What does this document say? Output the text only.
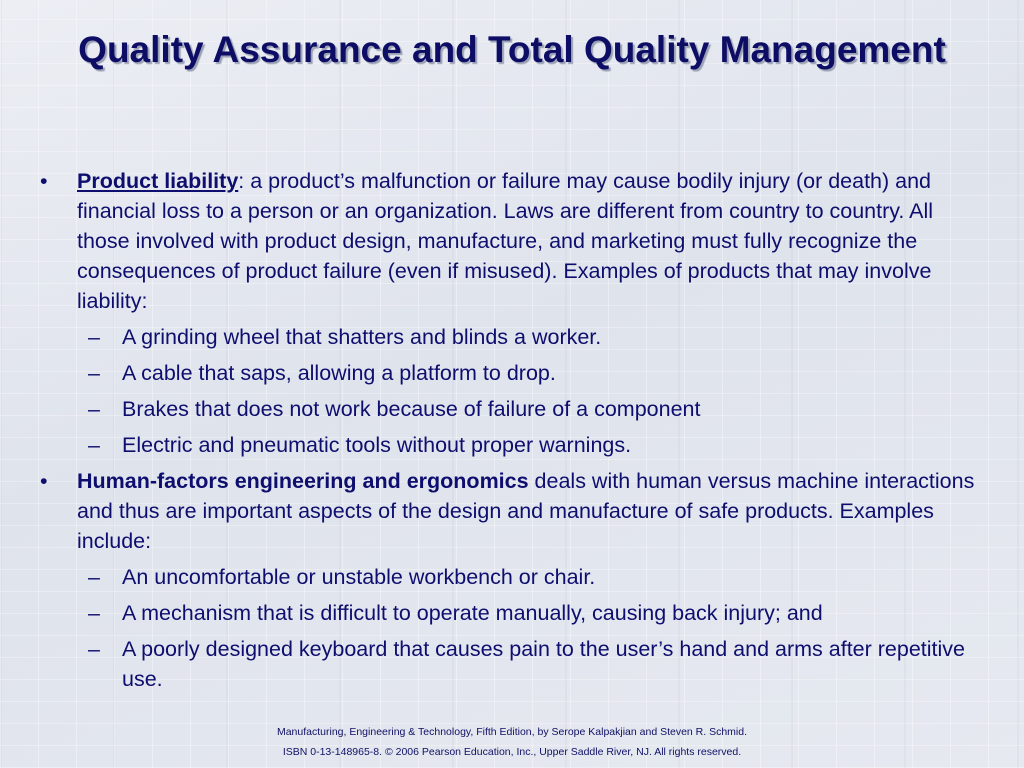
Quality Assurance and Total Quality Management
•	Product liability: a product’s malfunction or failure may cause bodily injury (or death) and financial loss to a person or an organization. Laws are different from country to country. All those involved with product design, manufacture, and marketing must fully recognize the consequences of product failure (even if misused). Examples of products that may involve liability:
– A grinding wheel that shatters and blinds a worker.
– A cable that saps, allowing a platform to drop.
– Brakes that does not work because of failure of a component
– Electric and pneumatic tools without proper warnings.
•	Human-factors engineering and ergonomics deals with human versus machine interactions and thus are important aspects of the design and manufacture of safe products. Examples include:
– An uncomfortable or unstable workbench or chair.
– A mechanism that is difficult to operate manually, causing back injury; and
– A poorly designed keyboard that causes pain to the user’s hand and arms after repetitive use.
Manufacturing, Engineering & Technology, Fifth Edition, by Serope Kalpakjian and Steven R. Schmid.
ISBN 0-13-148965-8. © 2006 Pearson Education, Inc., Upper Saddle River, NJ. All rights reserved.
